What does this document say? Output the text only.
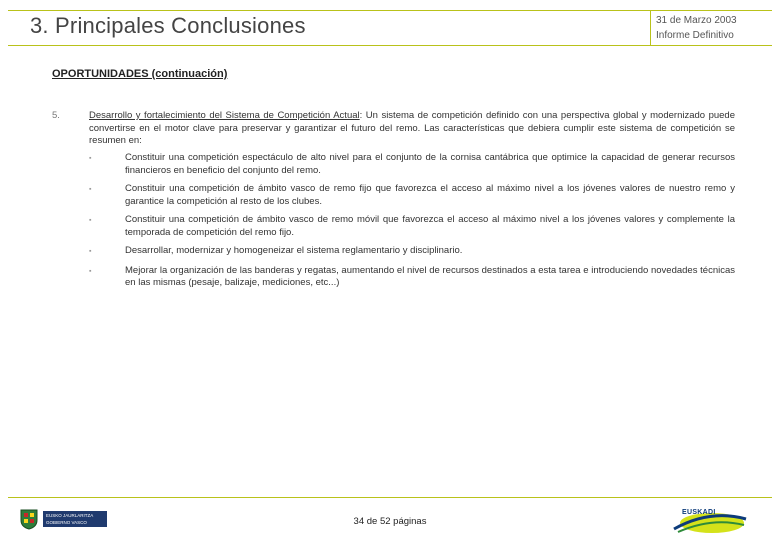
3. Principales Conclusiones	31 de Marzo 2003
Informe Definitivo
OPORTUNIDADES (continuación)
5.	Desarrollo y fortalecimiento del Sistema de Competición Actual: Un sistema de competición definido con una perspectiva global y modernizado puede convertirse en el motor clave para preservar y garantizar el futuro del remo. Las características que debiera cumplir este sistema de competición se resumen en:
▪	Constituir una competición espectáculo de alto nivel para el conjunto de la cornisa cantábrica que optimice la capacidad de generar recursos financieros en beneficio del conjunto del remo.
▪	Constituir una competición de ámbito vasco de remo fijo que favorezca el acceso al máximo nivel a los jóvenes valores de nuestro remo y garantice la competición al resto de los clubes.
▪	Constituir una competición de ámbito vasco de remo móvil que favorezca el acceso al máximo nivel a los jóvenes valores y complemente la temporada de competición del remo fijo.
▪	Desarrollar, modernizar y homogeneizar el sistema reglamentario y disciplinario.
▪	Mejorar la organización de las banderas y regatas, aumentando el nivel de recursos destinados a esta tarea e introduciendo novedades técnicas en las mismas (pesaje, balizaje, mediciones, etc...)
EUSKO JAURLARITZA
GOBIERNO VASCO	34 de 52 páginas
EUSKADI
